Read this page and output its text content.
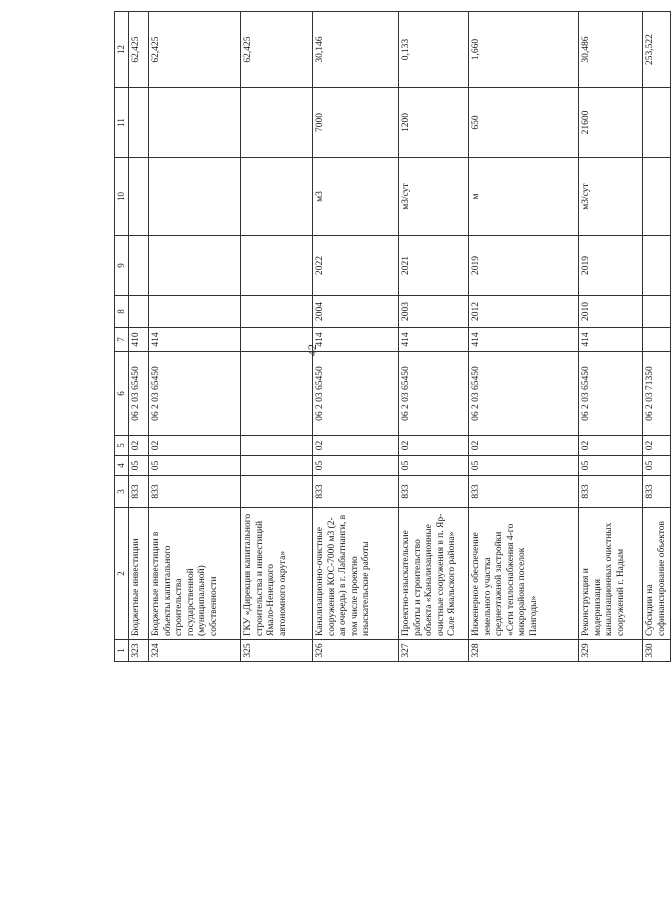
42
1	2	3	4	5	6	7	8	9	10	11	12
323	Бюджетные инвестиции	833	05	02	06 2 03 65450	410					62,425
324	Бюджетные инвестиции в объекты капитального строительства государственной (муниципальной) собственности	833	05	02	06 2 03 65450	414					62,425
325	ГКУ «Дирекция капитального строительства и инвестиций Ямало-Ненецкого автономного округа»										62,425
326	Канализационно-очистные сооружения КОС-7000 м3 (2-ая очередь) в г. Лабытнанги, в том числе проектно изыскательские работы	833	05	02	06 2 03 65450	414	2004	2022	м3	7000	30,146
327	Проектно-изыскательские работы и строительство объекта «Канализационные очистные сооружения в п. Яр-Сале Ямальского района»	833	05	02	06 2 03 65450	414	2003	2021	м3/сут	1200	0,133
328	Инженерное обеспечение земельного участка среднеэтажной застройки «Сети теплоснабжения 4-го микрорайона поселок Пангоды»	833	05	02	06 2 03 65450	414	2012	2019	м	650	1,660
329	Реконструкция и модернизация канализационных очистных сооружений г. Надым	833	05	02	06 2 03 65450	414	2010	2019	м3/сут	21600	30,486
330	Субсидии на софинансирование объектов	833	05	02	06 2 03 71350						253,522
